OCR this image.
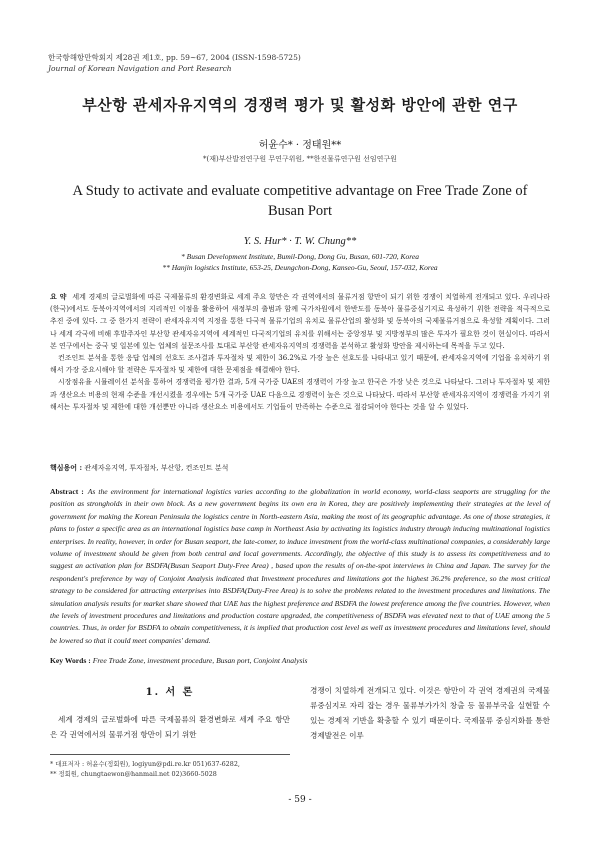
한국항해항만학회지 제28권 제1호, pp. 59~67, 2004 (ISSN-1598-5725)
Journal of Korean Navigation and Port Research
부산항 관세자유지역의 경쟁력 평가 및 활성화 방안에 관한 연구
허윤수* · 정태원**
*(재)부산발전연구원 무연구위원, **한진물류연구원 선임연구원
A Study to activate and evaluate competitive advantage on Free Trade Zone of Busan Port
Y. S. Hur* · T. W. Chung**
* Busan Development Institute, Bumil-Dong, Dong Gu, Busan, 601-720, Korea
** Hanjin logistics Institute, 653-25, Deungchon-Dong, Kanseo-Gu, Seoul, 157-032, Korea

요 약 세계 경제의 글로벌화에 따른 국제물류의 환경변화로 세계 주요 항만은 각 권역에서의 물류거점 항만이 되기 위한 경쟁이 치열하게 전개되고 있다. 우리나라(한국)에서도 동북아지역에서의 지리적인 이점을 활용하여 새정부의 출범과 함께 국가차원에서 한반도를 동북아 물류중심기지로 육성하기 위한 전략을 적극적으로 추진 중에 있다. 그 중 한가지 전략이 관세자유지역 지정을 통한 다국적 물류기업의 유치로 물류산업의 활성화 및 동북아의 국제물류거점으로 육성할 계획이다. 그러나 세계 각국에 비해 후발주자인 부산항 관세자유지역에 세계적인 다국적기업의 유치를 위해서는 중앙정부 및 지방정부의 많은 투자가 필요한 것이 현실이다. 따라서 본 연구에서는 중국 및 일본에 있는 업체의 설문조사를 토대로 부산항 관세자유지역의 경쟁력을 분석하고 활성화 방안을 제시하는데 목적을 두고 있다.

컨조인트 분석을 통한 응답 업체의 선호도 조사결과 투자절차 및 제한이 36.2%로 가장 높은 선호도를 나타내고 있기 때문에, 관세자유지역에 기업을 유치하기 위해서 가장 중요시해야 할 전략은 투자절차 및 제한에 대한 문제점을 해결해야 한다.

시장점유율 시뮬레이션 분석을 통하여 경쟁력을 평가한 결과, 5개 국가중 UAE의 경쟁력이 가장 높고 한국은 가장 낮은 것으로 나타났다. 그러나 투자절차 및 제한과 생산요소 비용의 현재 수준을 개선시켰을 경우에는 5개 국가중 UAE 다음으로 경쟁력이 높은 것으로 나타났다. 따라서 부산항 관세자유지역이 경쟁력을 가지기 위해서는 투자절차 및 제한에 대한 개선뿐만 아니라 생산요소 비용에서도 기업들이 만족하는 수준으로 절감되어야 한다는 것을 알 수 있었다.

핵심용어 : 관세자유지역, 투자절차, 부산항, 컨조인트 분석
Abstract : As the environment for international logistics varies according to the globalization in world economy, world-class seaports are struggling for the position as strongholds in their own block. As a new government begins its own era in Korea, they are positively implementing their strategies at the level of government for making the Korean Peninsula the logistics centre in North-eastern Asia, making the most of its geographic advantage. As one of those strategies, it plans to foster a specific area as an international logistics base camp in Northeast Asia by activating its logistics industry through inducing multinational logistics enterprises. In reality, however, in order for Busan seaport, the late-comer, to induce investment from the world-class multinational companies, a considerably large volume of investment should be given from both central and local governments. Accordingly, the objective of this study is to assess its competitiveness and to suggest an activation plan for BSDFA(Busan Seaport Duty-Free Area) , based upon the results of on-the-spot interviews in China and Japan. The survey for the respondent's preference by way of Conjoint Analysis indicated that Investment procedures and limitations got the highest 36.2% preference, so the most critical strategy to be considered for attracting enterprises into BSDFA(Duty-Free Area) is to solve the problems related to the investment procedures and limitations. The simulation analysis results for market share showed that UAE has the highest preference and BSDFA the lowest preference among the five countries. However, when the levels of investment procedures and limitations and production costare upgraded, the competitiveness of BSDFA was elevated next to that of UAE among the 5 countries. Thus, in order for BSDFA to obtain competitiveness, it is implied that production cost level as well as investment procedures and limitations level, should be lowered so that it could meet companies' demand.
Key Words : Free Trade Zone, investment procedure, Busan port, Conjoint Analysis
1. 서 론

세계 경제의 글로벌화에 따른 국제물류의 환경변화로 세계 주요 항만은 각 권역에서의 물류거점 항만이 되기 위한

경쟁이 치열하게 전개되고 있다. 이것은 항만이 각 권역 경제권의 국제물류중심지로 자리 잡는 경우 물류부가가치 창출 등 물류부국을 실현할 수 있는 경제적 기반을 확충할 수 있기 때문이다. 국제물류 중심지화를 통한 경제발전은 이루

* 대표저자 : 허윤수(정회원), logiyun@pdi.re.kr 051)637-6282,
** 정회원, chungtaewon@hanmail.net 02)3660-5028
- 59 -
